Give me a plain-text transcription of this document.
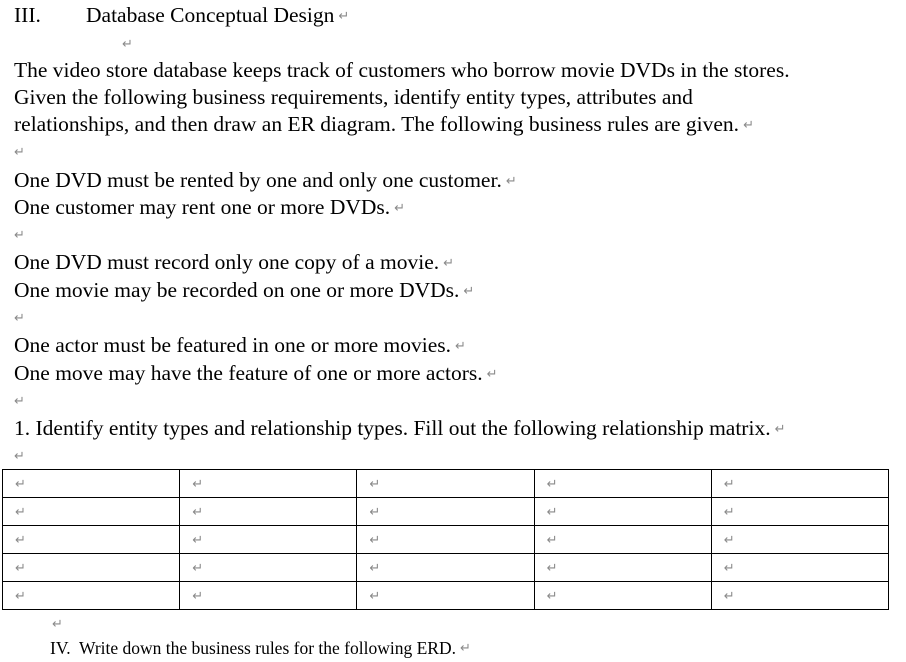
III. Database Conceptual Design ↵
↵
The video store database keeps track of customers who borrow movie DVDs in the stores.
Given the following business requirements, identify entity types, attributes and
relationships, and then draw an ER diagram. The following business rules are given. ↵
↵
One DVD must be rented by one and only one customer. ↵
One customer may rent one or more DVDs. ↵
↵
One DVD must record only one copy of a movie. ↵
One movie may be recorded on one or more DVDs. ↵
↵
One actor must be featured in one or more movies. ↵
One move may have the feature of one or more actors. ↵
↵
1. Identify entity types and relationship types. Fill out the following relationship matrix. ↵
↵
↵	↵	↵	↵	↵
↵	↵	↵	↵	↵
↵	↵	↵	↵	↵
↵	↵	↵	↵	↵
↵	↵	↵	↵	↵
↵
IV. Write down the business rules for the following ERD. ↵
